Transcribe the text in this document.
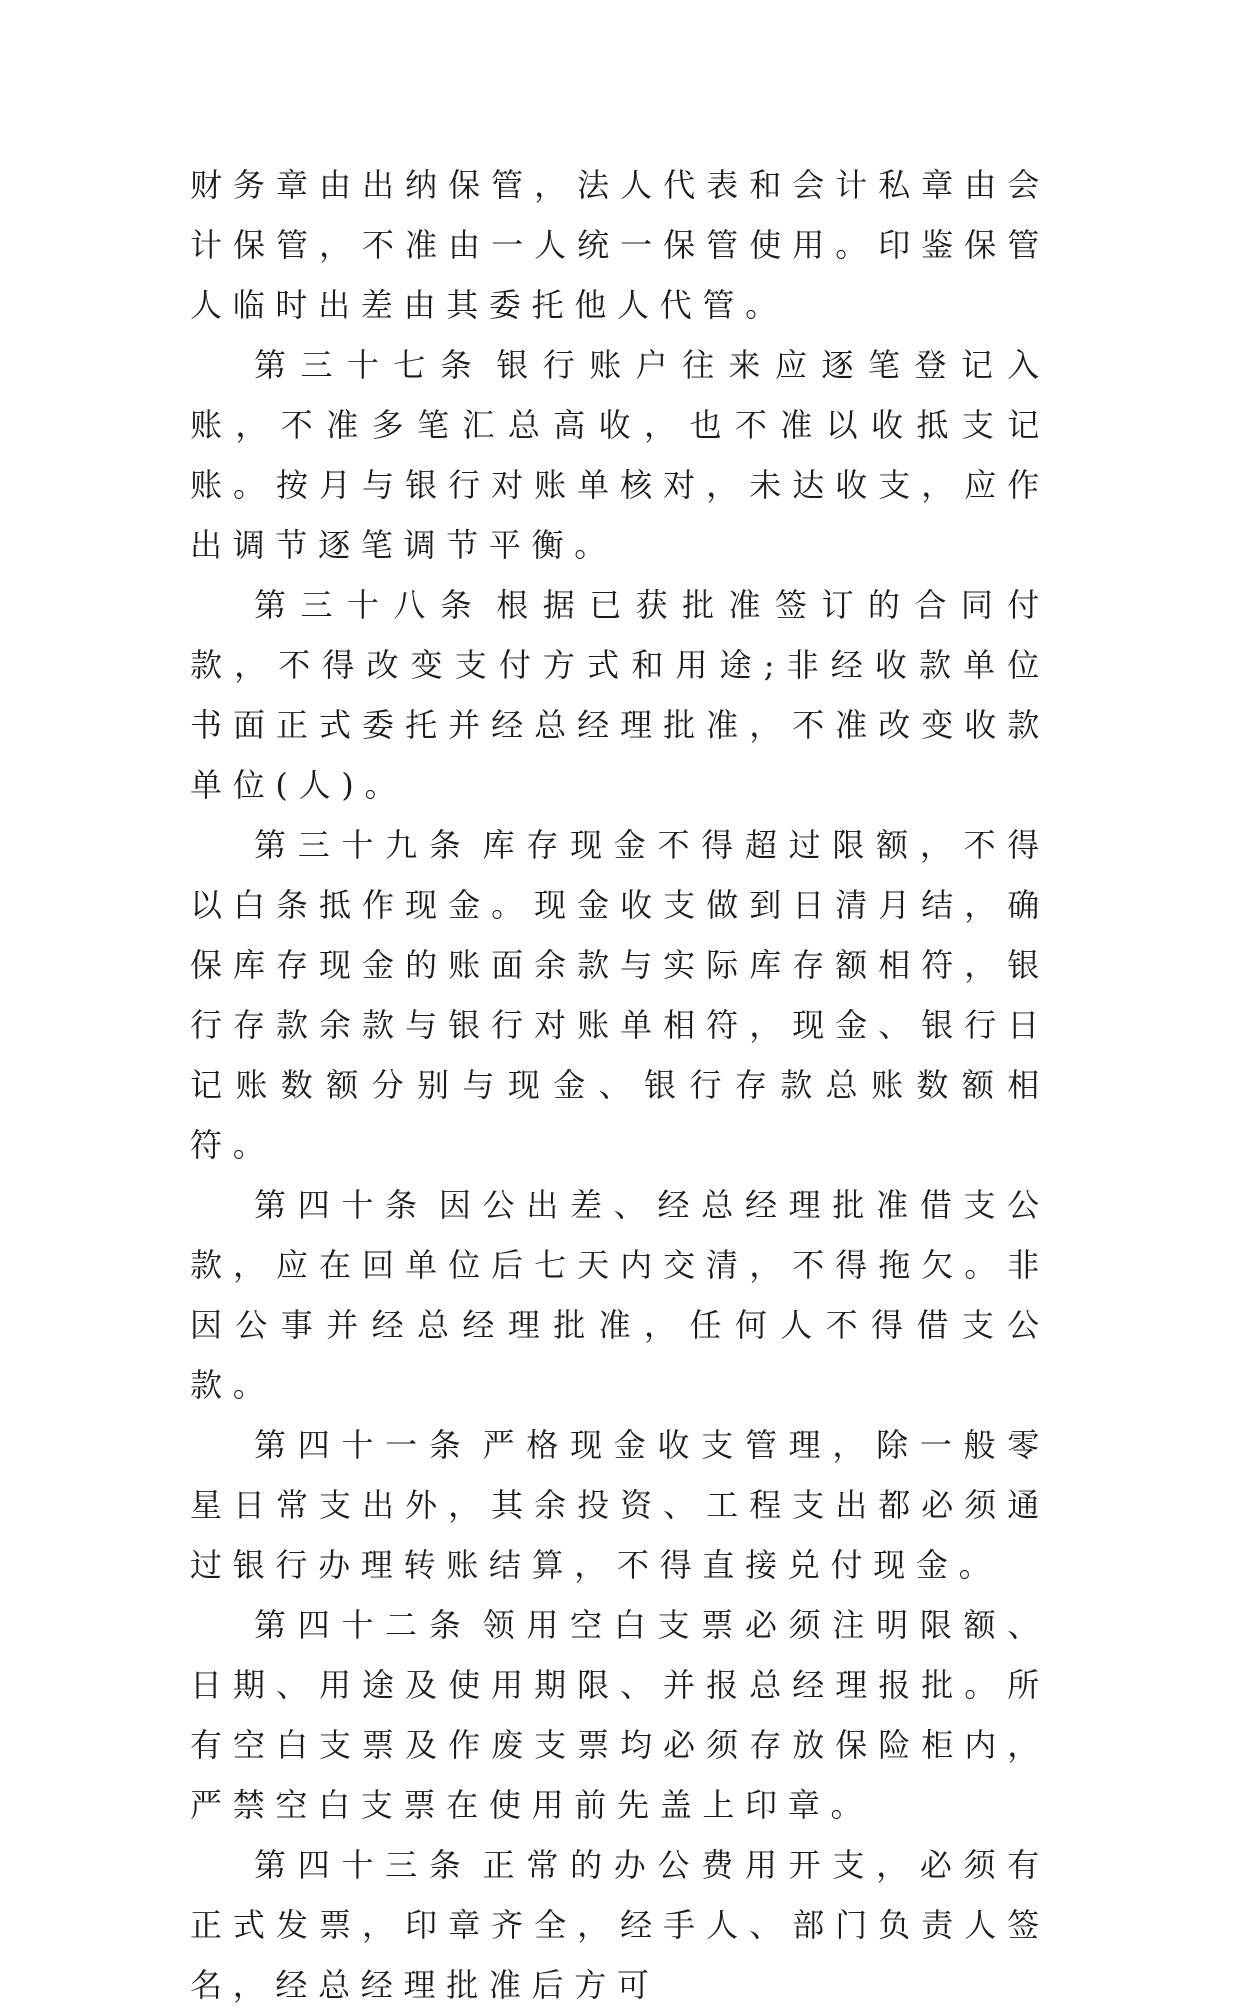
财务章由出纳保管，法人代表和会计私章由会计保管，不准由一人统一保管使用。印鉴保管人临时出差由其委托他人代管。

第三十七条 银行账户往来应逐笔登记入账，不准多笔汇总高收，也不准以收抵支记账。按月与银行对账单核对，未达收支，应作出调节逐笔调节平衡。

第三十八条 根据已获批准签订的合同付款，不得改变支付方式和用途;非经收款单位书面正式委托并经总经理批准，不准改变收款单位(人)。

第三十九条 库存现金不得超过限额，不得以白条抵作现金。现金收支做到日清月结，确保库存现金的账面余款与实际库存额相符，银行存款余款与银行对账单相符，现金、银行日记账数额分别与现金、银行存款总账数额相符。

第四十条 因公出差、经总经理批准借支公款，应在回单位后七天内交清，不得拖欠。非因公事并经总经理批准，任何人不得借支公款。

第四十一条 严格现金收支管理，除一般零星日常支出外，其余投资、工程支出都必须通过银行办理转账结算，不得直接兑付现金。

第四十二条 领用空白支票必须注明限额、日期、用途及使用期限、并报总经理报批。所有空白支票及作废支票均必须存放保险柜内，严禁空白支票在使用前先盖上印章。

第四十三条 正常的办公费用开支，必须有正式发票，印章齐全，经手人、部门负责人签名，经总经理批准后方可
